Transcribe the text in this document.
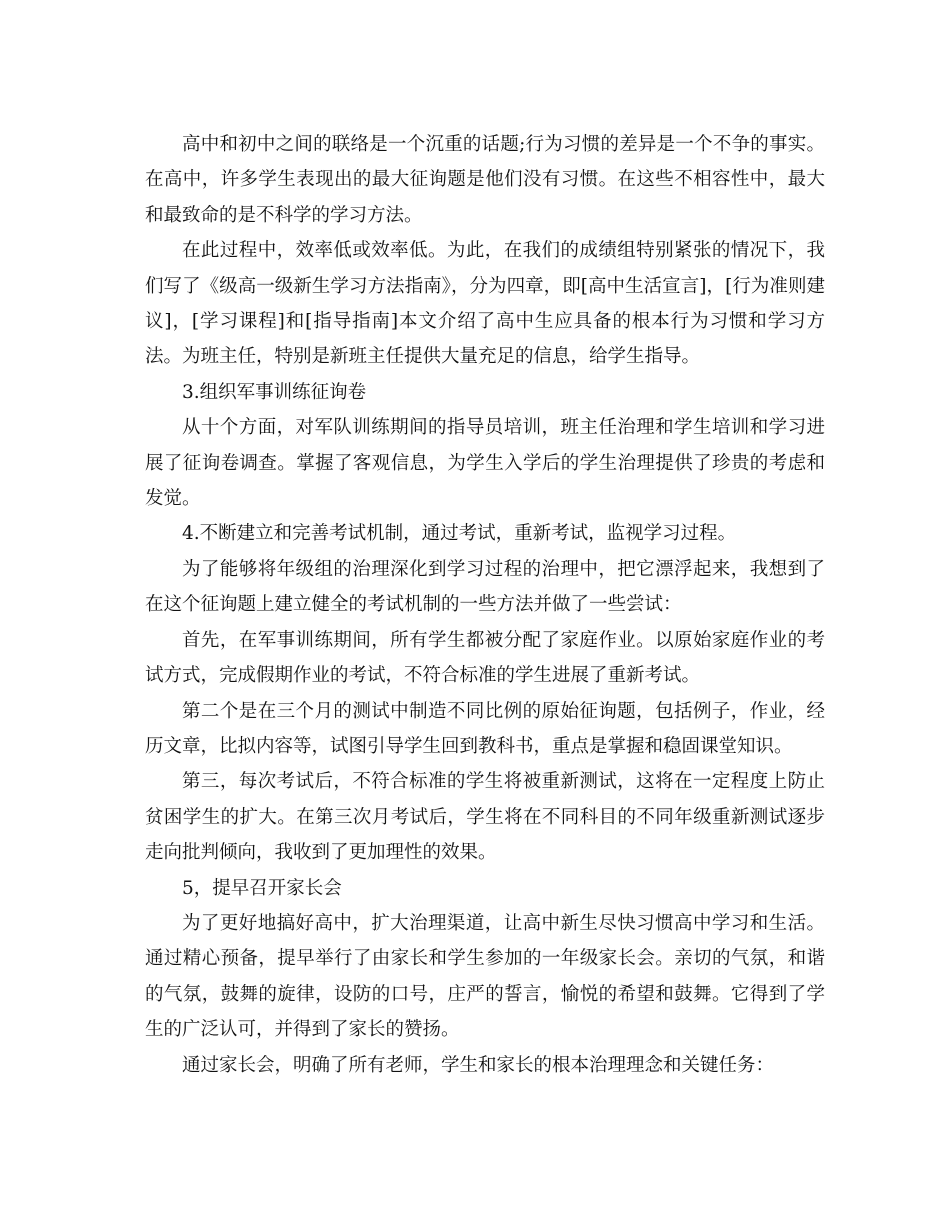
高中和初中之间的联络是一个沉重的话题;行为习惯的差异是一个不争的事实。在高中，许多学生表现出的最大征询题是他们没有习惯。在这些不相容性中，最大和最致命的是不科学的学习方法。

在此过程中，效率低或效率低。为此，在我们的成绩组特别紧张的情况下，我们写了《级高一级新生学习方法指南》，分为四章，即[高中生活宣言]，[行为准则建议]，[学习课程]和[指导指南]本文介绍了高中生应具备的根本行为习惯和学习方法。为班主任，特别是新班主任提供大量充足的信息，给学生指导。

3.组织军事训练征询卷

从十个方面，对军队训练期间的指导员培训，班主任治理和学生培训和学习进展了征询卷调查。掌握了客观信息，为学生入学后的学生治理提供了珍贵的考虑和发觉。

4.不断建立和完善考试机制，通过考试，重新考试，监视学习过程。

为了能够将年级组的治理深化到学习过程的治理中，把它漂浮起来，我想到了在这个征询题上建立健全的考试机制的一些方法并做了一些尝试：

首先，在军事训练期间，所有学生都被分配了家庭作业。以原始家庭作业的考试方式，完成假期作业的考试，不符合标准的学生进展了重新考试。

第二个是在三个月的测试中制造不同比例的原始征询题，包括例子，作业，经历文章，比拟内容等，试图引导学生回到教科书，重点是掌握和稳固课堂知识。

第三，每次考试后，不符合标准的学生将被重新测试，这将在一定程度上防止贫困学生的扩大。在第三次月考试后，学生将在不同科目的不同年级重新测试逐步走向批判倾向，我收到了更加理性的效果。

5，提早召开家长会

为了更好地搞好高中，扩大治理渠道，让高中新生尽快习惯高中学习和生活。通过精心预备，提早举行了由家长和学生参加的一年级家长会。亲切的气氛，和谐的气氛，鼓舞的旋律，设防的口号，庄严的誓言，愉悦的希望和鼓舞。它得到了学生的广泛认可，并得到了家长的赞扬。

通过家长会，明确了所有老师，学生和家长的根本治理理念和关键任务：
